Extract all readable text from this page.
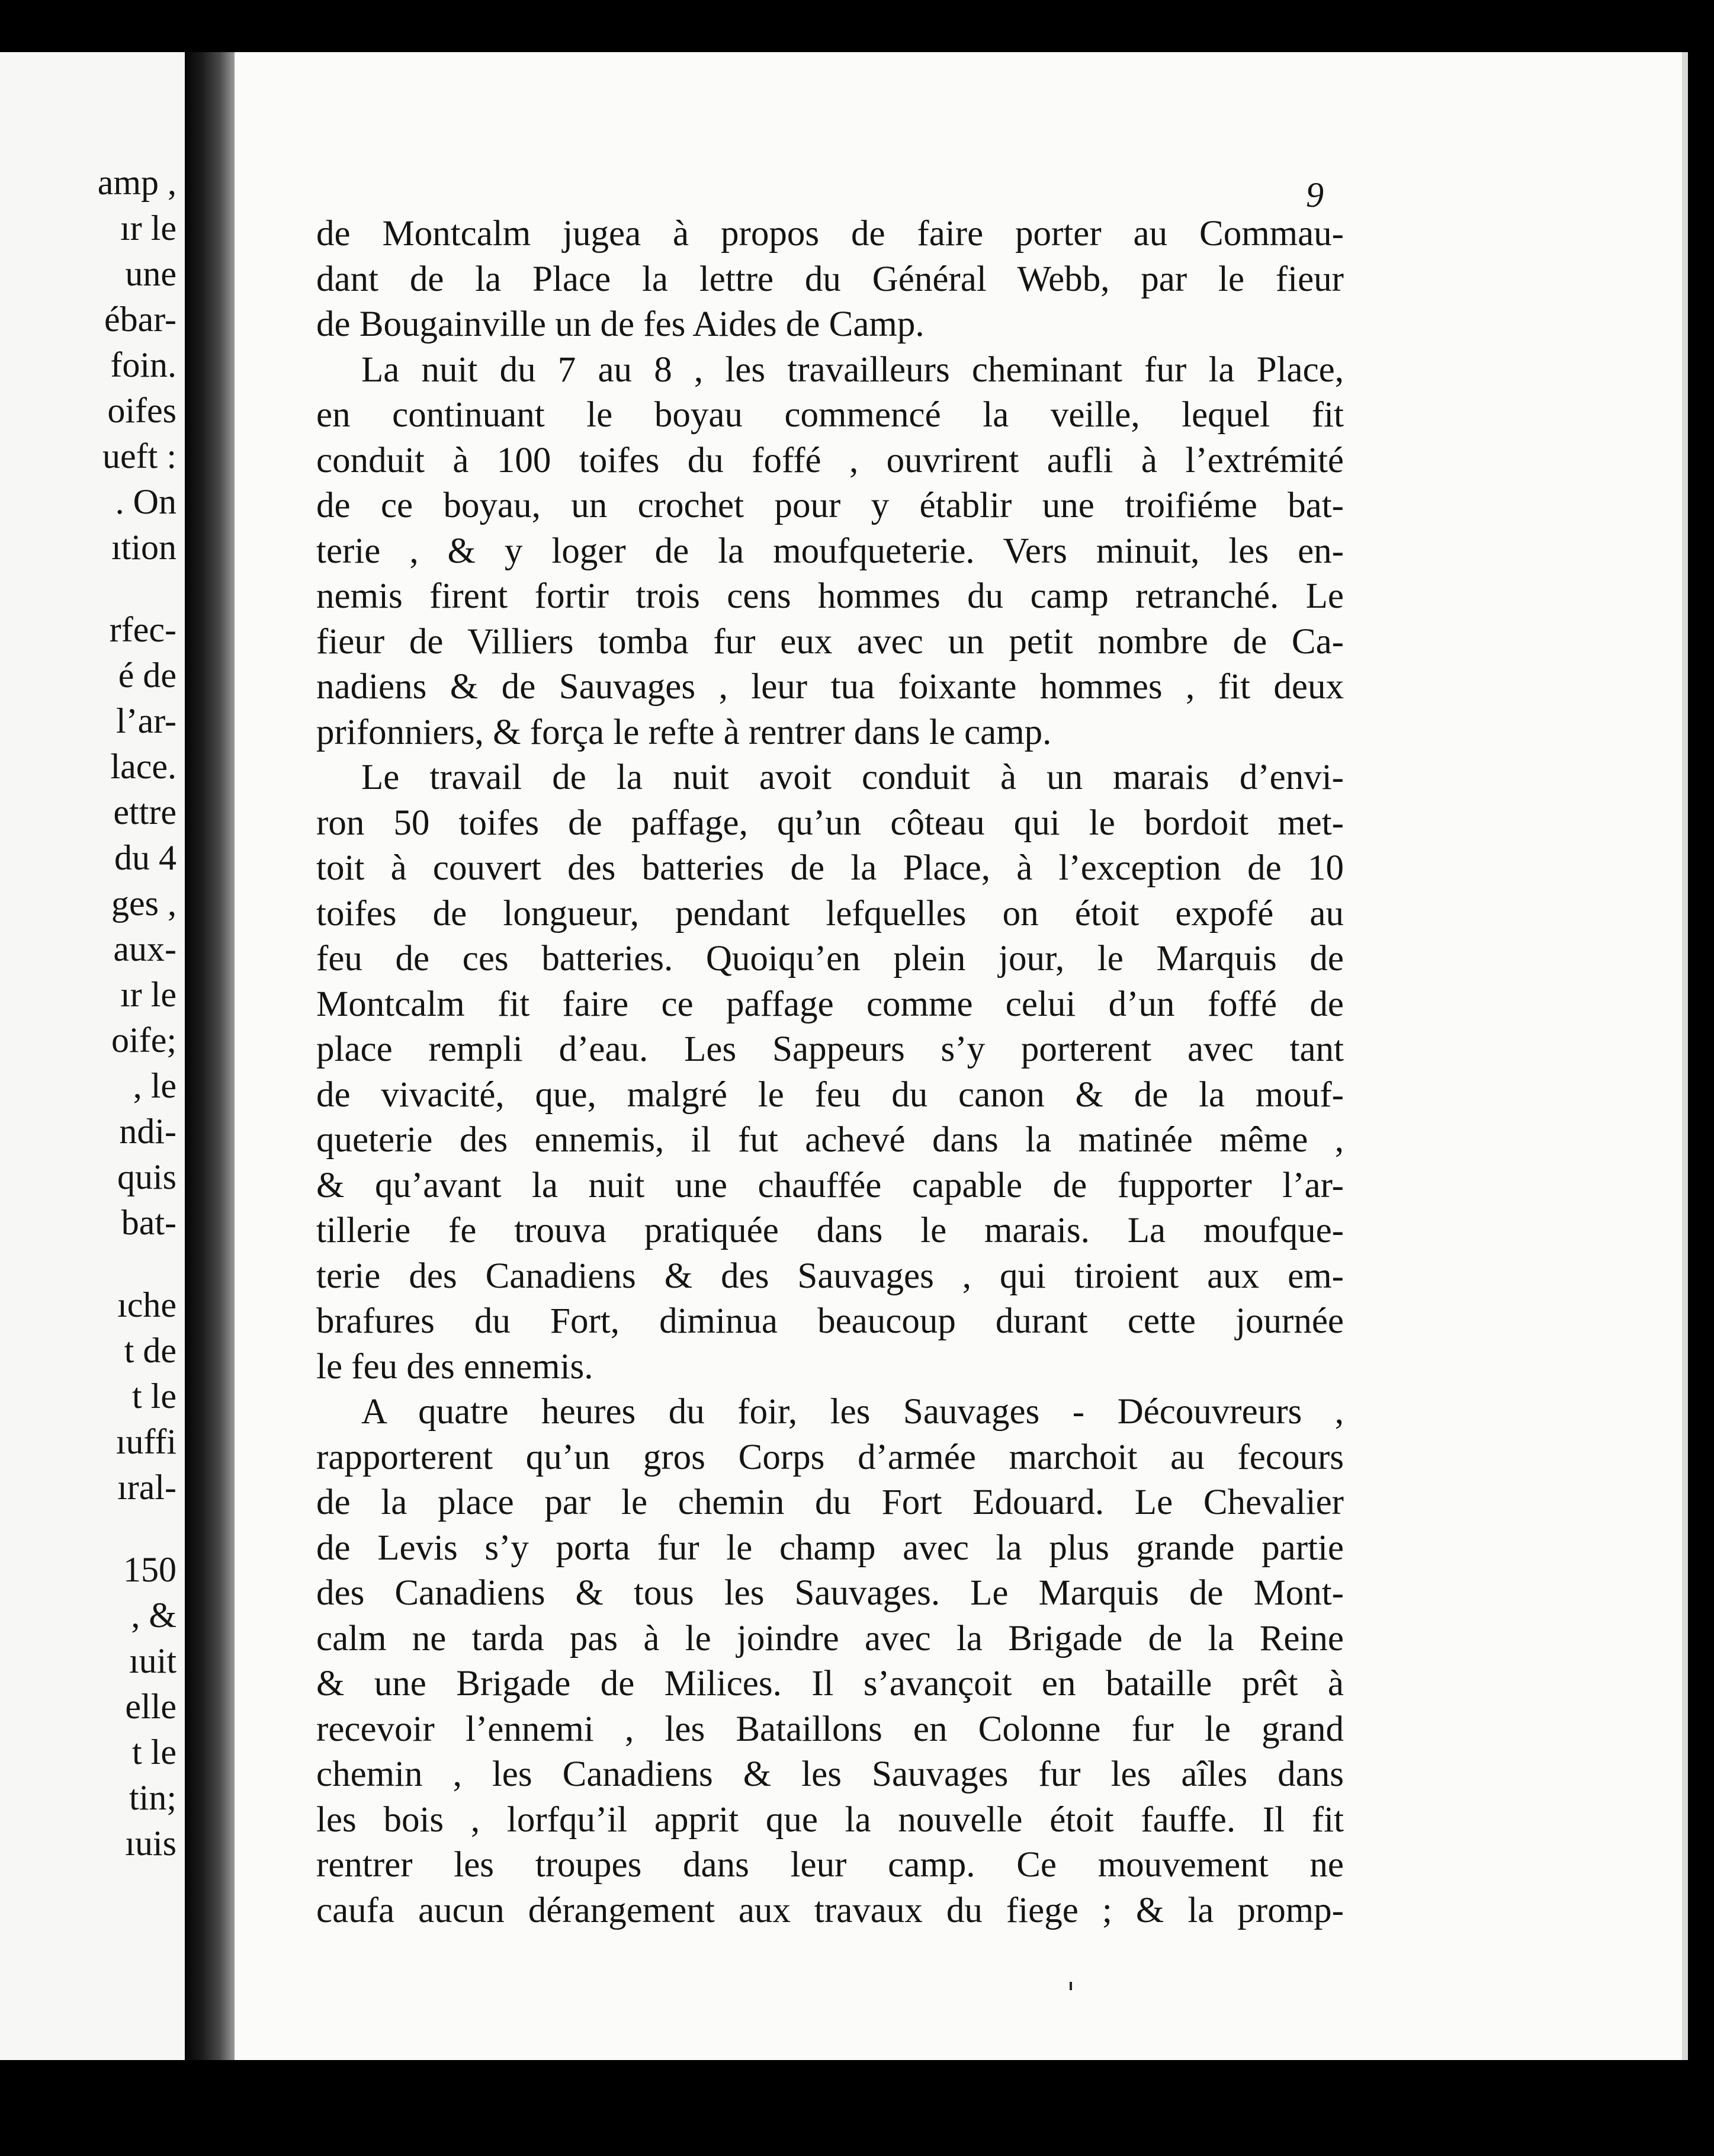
amp ,
ır le
une
ébar-
foin.
oifes
ueft :
. On
ıtion
rfec-
é de
l’ar-
lace.
ettre
du 4
ges ,
aux-
ır le
oife;
, le
ndi-
quis
bat-
ıche
t de
t le
ıuffi
ıral-
150
, &
ıuit
elle
t le
tin;
ıuis
9
de Montcalm jugea à propos de faire porter au Commau-
dant de la Place la lettre du Général Webb, par le fieur
de Bougainville un de fes Aides de Camp.
La nuit du 7 au 8 , les travailleurs cheminant fur la Place,
en continuant le boyau commencé la veille, lequel fit
conduit à 100 toifes du foffé , ouvrirent aufli à l’extrémité
de ce boyau, un crochet pour y établir une troifiéme bat-
terie , & y loger de la moufqueterie. Vers minuit, les en-
nemis firent fortir trois cens hommes du camp retranché. Le
fieur de Villiers tomba fur eux avec un petit nombre de Ca-
nadiens & de Sauvages , leur tua foixante hommes , fit deux
prifonniers, & força le refte à rentrer dans le camp.
Le travail de la nuit avoit conduit à un marais d’envi-
ron 50 toifes de paffage, qu’un côteau qui le bordoit met-
toit à couvert des batteries de la Place, à l’exception de 10
toifes de longueur, pendant lefquelles on étoit expofé au
feu de ces batteries. Quoiqu’en plein jour, le Marquis de
Montcalm fit faire ce paffage comme celui d’un foffé de
place rempli d’eau. Les Sappeurs s’y porterent avec tant
de vivacité, que, malgré le feu du canon & de la mouf-
queterie des ennemis, il fut achevé dans la matinée même ,
& qu’avant la nuit une chauffée capable de fupporter l’ar-
tillerie fe trouva pratiquée dans le marais. La moufque-
terie des Canadiens & des Sauvages , qui tiroient aux em-
brafures du Fort, diminua beaucoup durant cette journée
le feu des ennemis.
A quatre heures du foir, les Sauvages - Découvreurs ,
rapporterent qu’un gros Corps d’armée marchoit au fecours
de la place par le chemin du Fort Edouard. Le Chevalier
de Levis s’y porta fur le champ avec la plus grande partie
des Canadiens & tous les Sauvages. Le Marquis de Mont-
calm ne tarda pas à le joindre avec la Brigade de la Reine
& une Brigade de Milices. Il s’avançoit en bataille prêt à
recevoir l’ennemi , les Bataillons en Colonne fur le grand
chemin , les Canadiens & les Sauvages fur les aîles dans
les bois , lorfqu’il apprit que la nouvelle étoit fauffe. Il fit
rentrer les troupes dans leur camp. Ce mouvement ne
caufa aucun dérangement aux travaux du fiege ; & la promp-
